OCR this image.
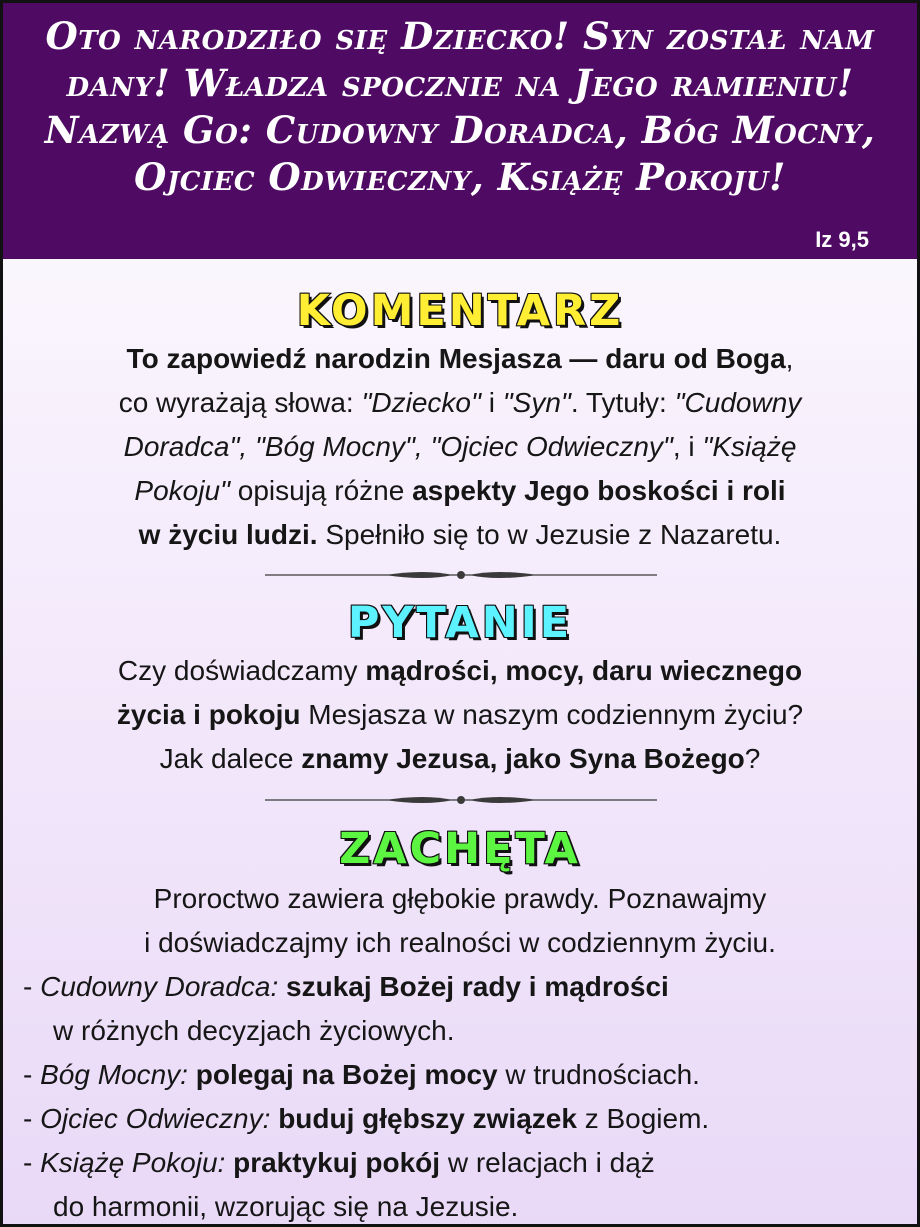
Oto narodziło się Dziecko! Syn został nam
dany! Władza spocznie na Jego ramieniu!
Nazwą Go: Cudowny Doradca, Bóg Mocny,
Ojciec Odwieczny, Książę Pokoju!
Iz 9,5
KOMENTARZ
To zapowiedź narodzin Mesjasza — daru od Boga,
co wyrażają słowa: "Dziecko" i "Syn". Tytuły: "Cudowny
Doradca", "Bóg Mocny", "Ojciec Odwieczny", i "Książę
Pokoju" opisują różne aspekty Jego boskości i roli
w życiu ludzi. Spełniło się to w Jezusie z Nazaretu.
PYTANIE
Czy doświadczamy mądrości, mocy, daru wiecznego
życia i pokoju Mesjasza w naszym codziennym życiu?
Jak dalece znamy Jezusa, jako Syna Bożego?
ZACHĘTA
Proroctwo zawiera głębokie prawdy. Poznawajmy
i doświadczajmy ich realności w codziennym życiu.
- Cudowny Doradca: szukaj Bożej rady i mądrości
w różnych decyzjach życiowych.
- Bóg Mocny: polegaj na Bożej mocy w trudnościach.
- Ojciec Odwieczny: buduj głębszy związek z Bogiem.
- Książę Pokoju: praktykuj pokój w relacjach i dąż
do harmonii, wzorując się na Jezusie.
